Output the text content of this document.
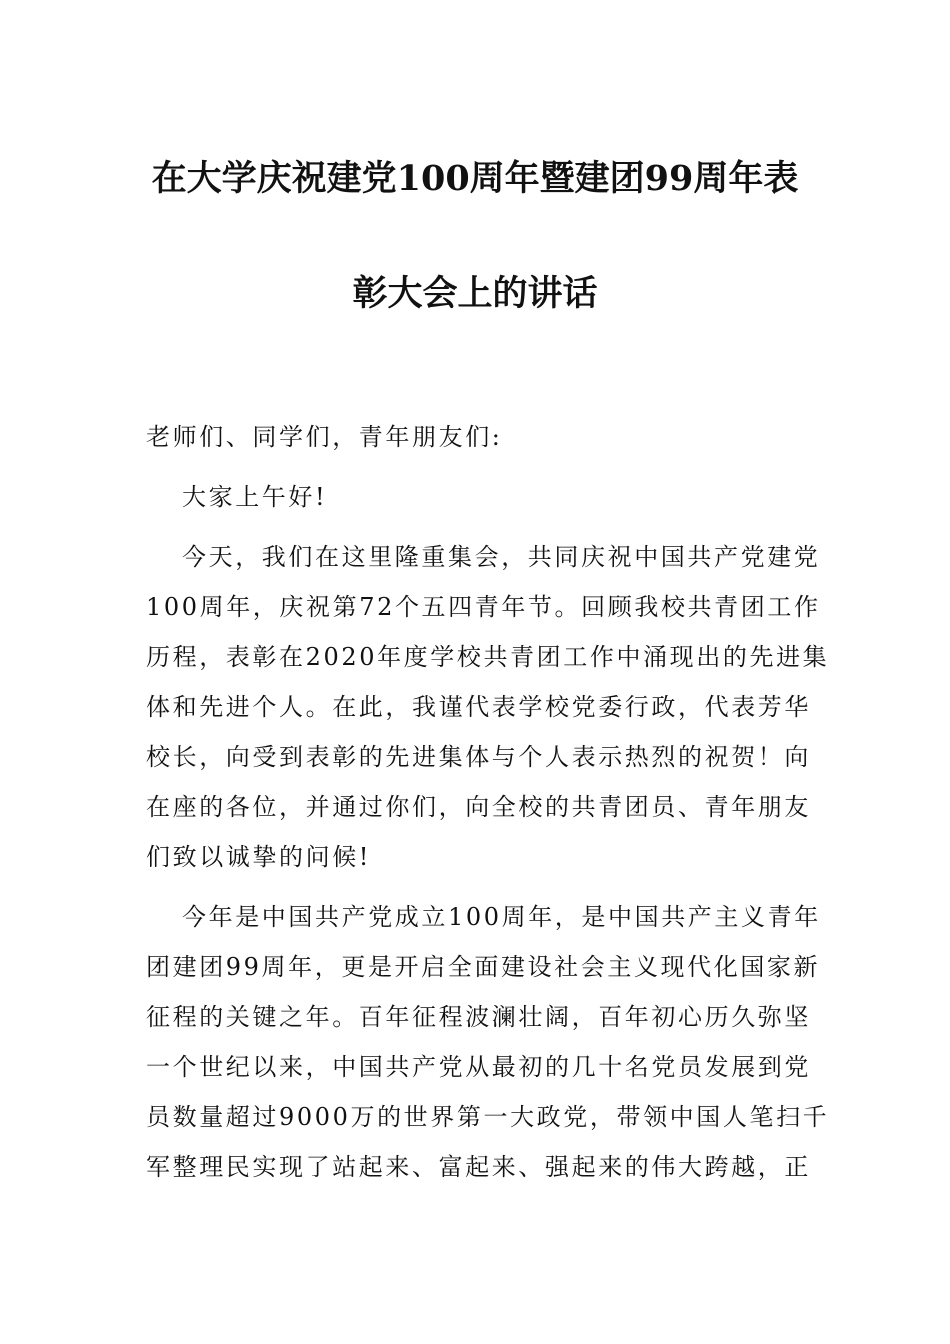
在大学庆祝建党100周年暨建团99周年表
彰大会上的讲话
老师们、同学们，青年朋友们:
大家上午好!
今天，我们在这里隆重集会，共同庆祝中国共产党建党
100周年，庆祝第72个五四青年节。回顾我校共青团工作
历程，表彰在2020年度学校共青团工作中涌现出的先进集
体和先进个人。在此，我谨代表学校党委行政，代表芳华
校长，向受到表彰的先进集体与个人表示热烈的祝贺！向
在座的各位，并通过你们，向全校的共青团员、青年朋友
们致以诚挚的问候!
今年是中国共产党成立100周年，是中国共产主义青年
团建团99周年，更是开启全面建设社会主义现代化国家新
征程的关键之年。百年征程波澜壮阔，百年初心历久弥坚
一个世纪以来，中国共产党从最初的几十名党员发展到党
员数量超过9000万的世界第一大政党，带领中国人笔扫千
军整理民实现了站起来、富起来、强起来的伟大跨越，正
